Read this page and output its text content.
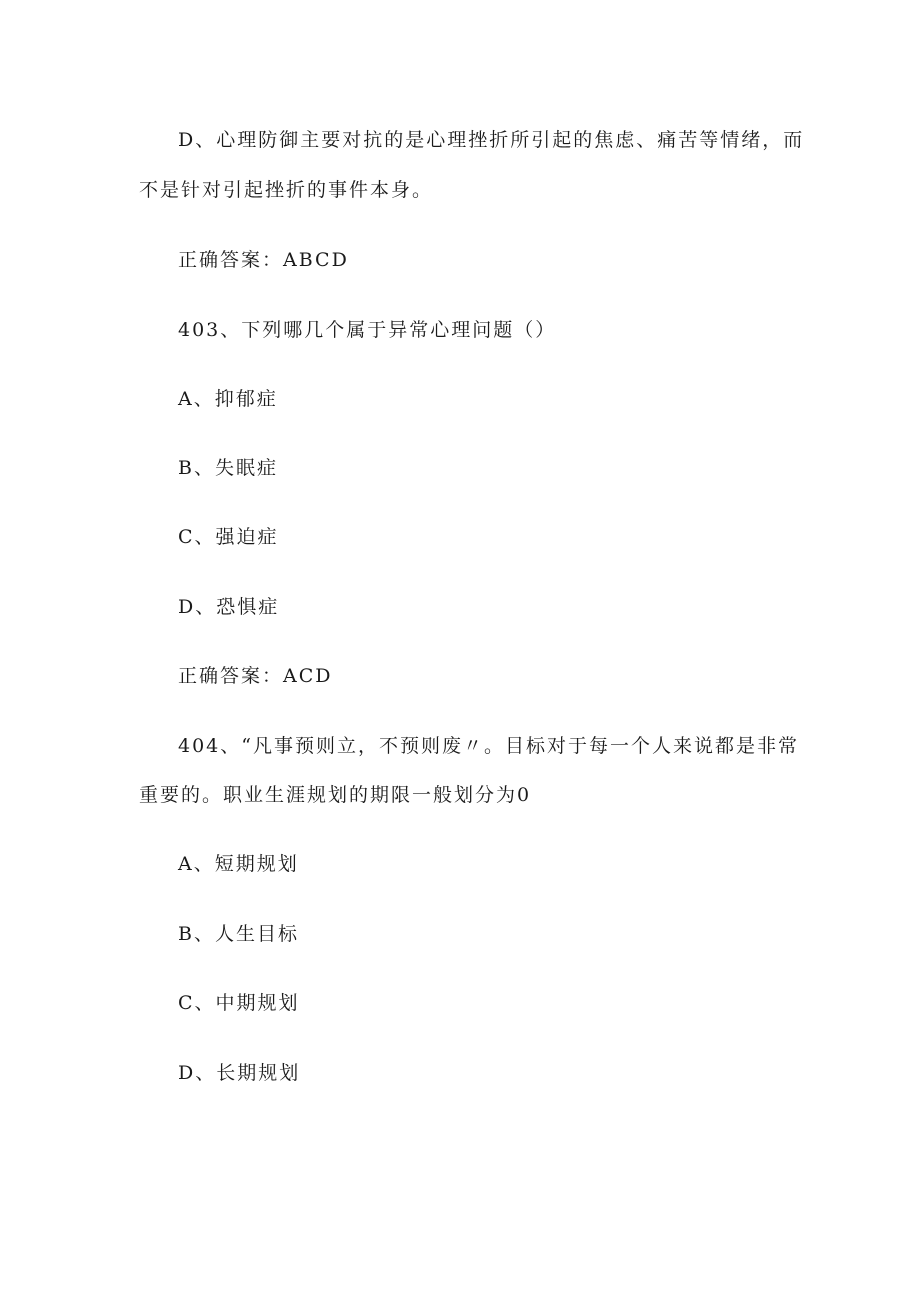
D、心理防御主要对抗的是心理挫折所引起的焦虑、痛苦等情绪，而
不是针对引起挫折的事件本身。
正确答案：ABCD
403、下列哪几个属于异常心理问题（）
A、抑郁症
B、失眠症
C、强迫症
D、恐惧症
正确答案：ACD
404、“凡事预则立，不预则废〃。目标对于每一个人来说都是非常
重要的。职业生涯规划的期限一般划分为0
A、短期规划
B、人生目标
C、中期规划
D、长期规划
